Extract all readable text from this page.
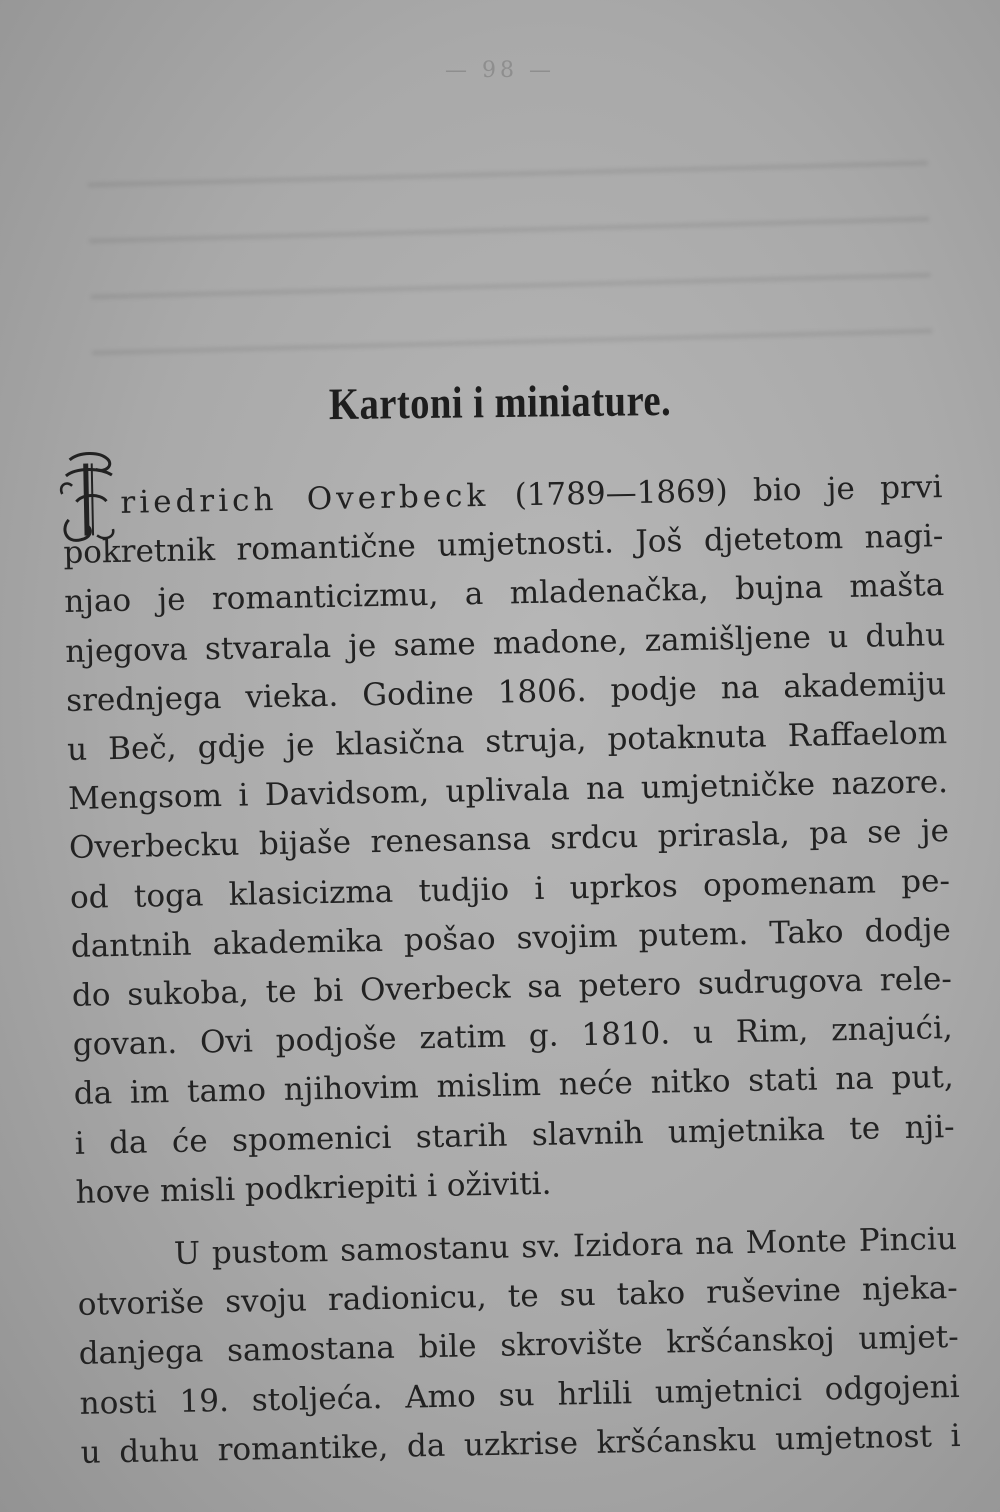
— 98 —
Kartoni i miniature.
riedrich Overbeck (1789—1869) bio je prvi
pokretnik romantične umjetnosti. Još djetetom nagi-
njao je romanticizmu, a mladenačka, bujna mašta
njegova stvarala je same madone, zamišljene u duhu
srednjega vieka. Godine 1806. podje na akademiju
u Beč, gdje je klasična struja, potaknuta Raffaelom
Mengsom i Davidsom, uplivala na umjetničke nazore.
Overbecku bijaše renesansa srdcu prirasla, pa se je
od toga klasicizma tudjio i uprkos opomenam pe-
dantnih akademika pošao svojim putem. Tako dodje
do sukoba, te bi Overbeck sa petero sudrugova rele-
govan. Ovi podjoše zatim g. 1810. u Rim, znajući,
da im tamo njihovim mislim neće nitko stati na put,
i da će spomenici starih slavnih umjetnika te nji-
hove misli podkriepiti i oživiti.
U pustom samostanu sv. Izidora na Monte Pinciu
otvoriše svoju radionicu, te su tako ruševine njeka-
danjega samostana bile skrovište kršćanskoj umjet-
nosti 19. stoljeća. Amo su hrlili umjetnici odgojeni
u duhu romantike, da uzkrise kršćansku umjetnost i
